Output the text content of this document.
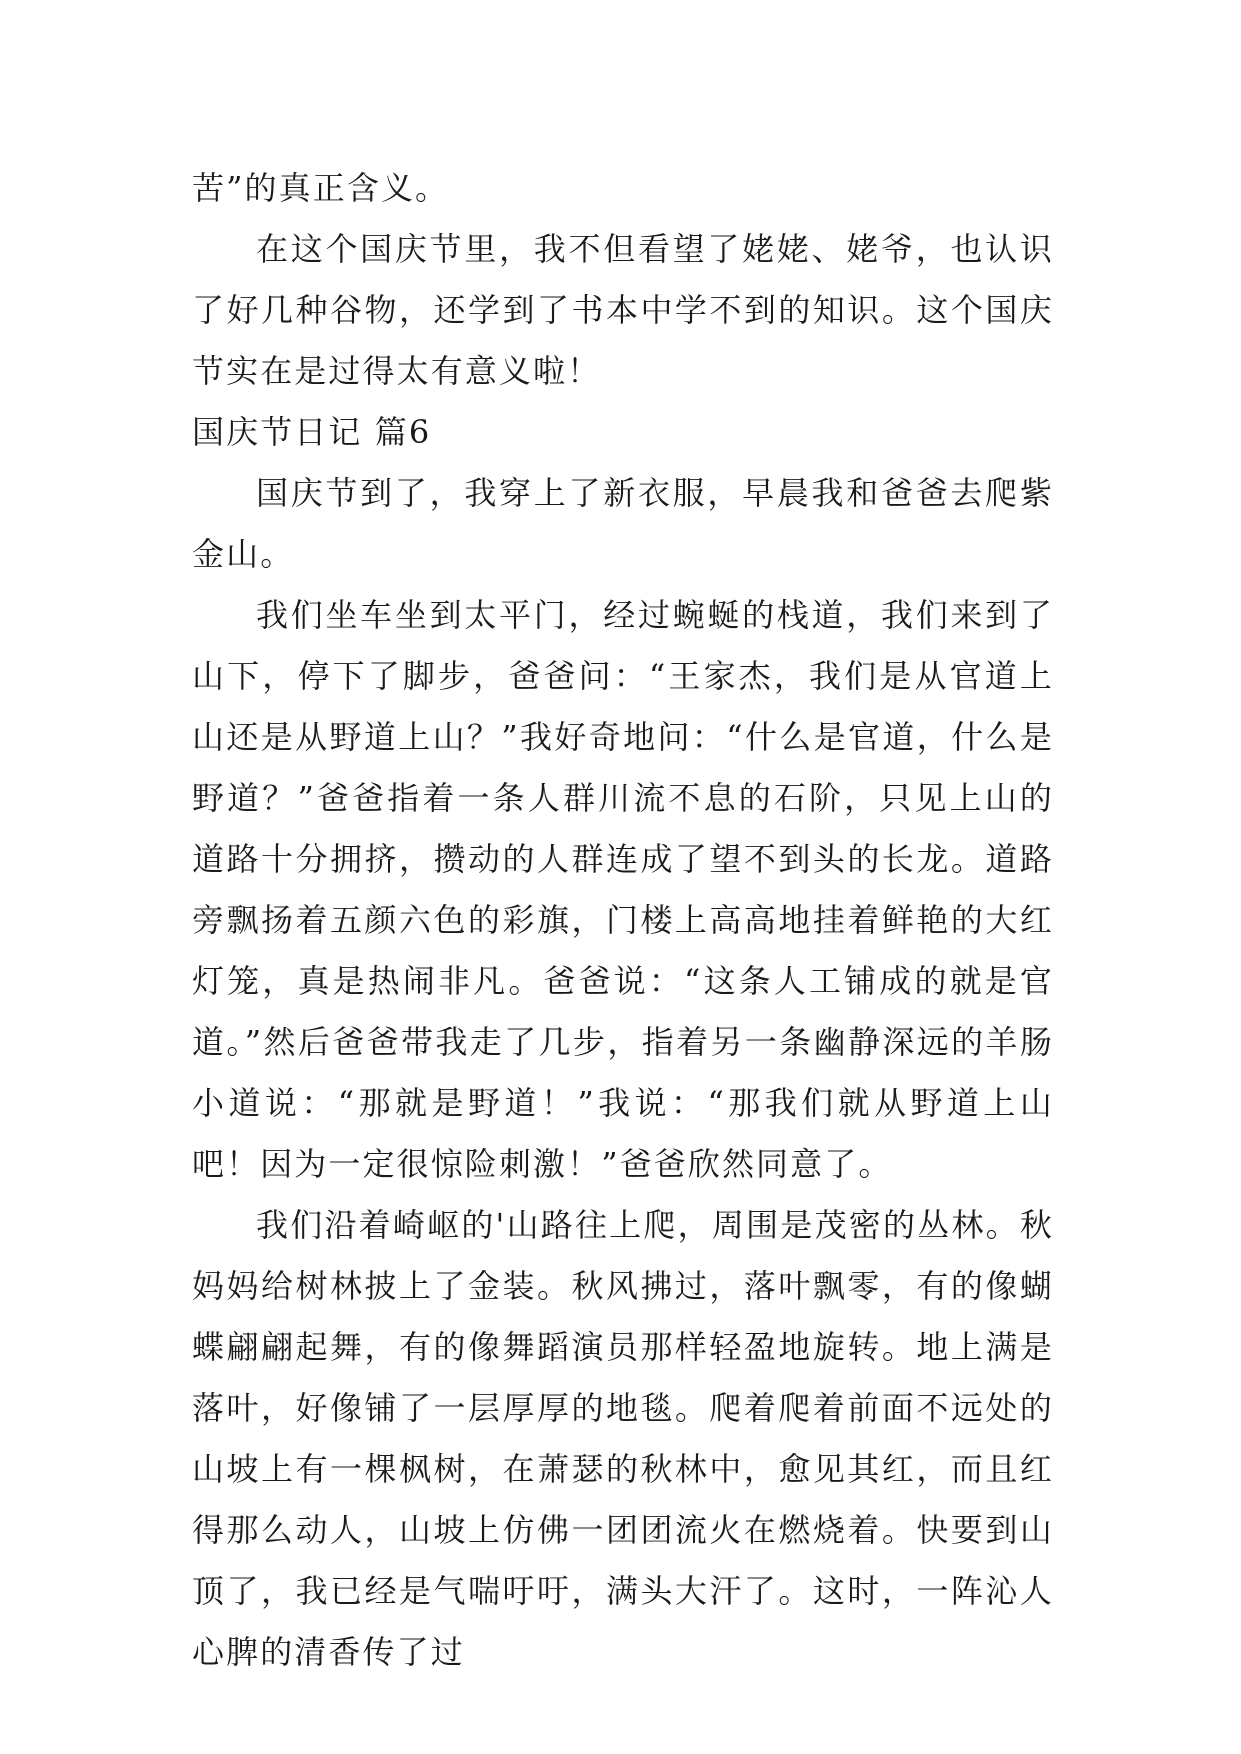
苦”的真正含义。

在这个国庆节里，我不但看望了姥姥、姥爷，也认识了好几种谷物，还学到了书本中学不到的知识。这个国庆节实在是过得太有意义啦！

国庆节日记 篇6

国庆节到了，我穿上了新衣服，早晨我和爸爸去爬紫金山。

我们坐车坐到太平门，经过蜿蜒的栈道，我们来到了山下，停下了脚步，爸爸问：“王家杰，我们是从官道上山还是从野道上山？”我好奇地问：“什么是官道，什么是野道？”爸爸指着一条人群川流不息的石阶，只见上山的道路十分拥挤，攒动的人群连成了望不到头的长龙。道路旁飘扬着五颜六色的彩旗，门楼上高高地挂着鲜艳的大红灯笼，真是热闹非凡。爸爸说：“这条人工铺成的就是官道。”然后爸爸带我走了几步，指着另一条幽静深远的羊肠小道说：“那就是野道！”我说：“那我们就从野道上山吧！因为一定很惊险刺激！”爸爸欣然同意了。

我们沿着崎岖的'山路往上爬，周围是茂密的丛林。秋妈妈给树林披上了金装。秋风拂过，落叶飘零，有的像蝴蝶翩翩起舞，有的像舞蹈演员那样轻盈地旋转。地上满是落叶，好像铺了一层厚厚的地毯。爬着爬着前面不远处的山坡上有一棵枫树，在萧瑟的秋林中，愈见其红，而且红得那么动人，山坡上仿佛一团团流火在燃烧着。快要到山顶了，我已经是气喘吁吁，满头大汗了。这时，一阵沁人心脾的清香传了过
